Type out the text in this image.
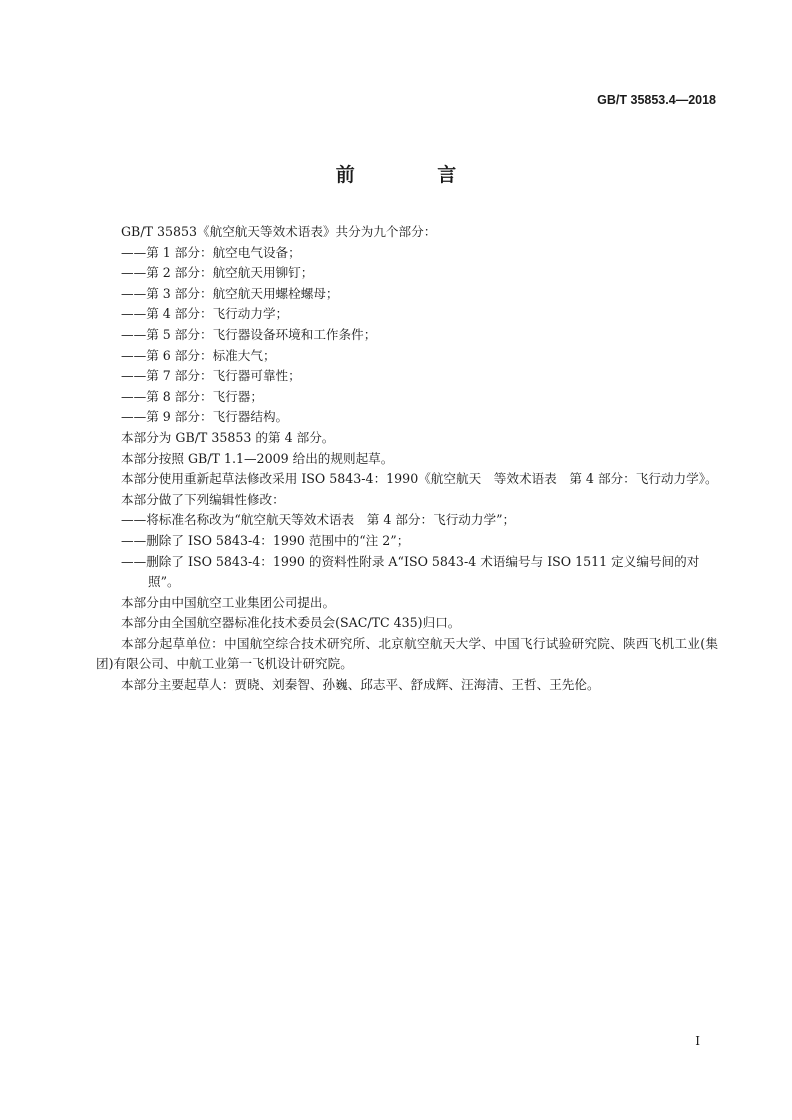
GB/T 35853.4—2018
前 言

GB/T 35853《航空航天等效术语表》共分为九个部分：

——第 1 部分：航空电气设备；

——第 2 部分：航空航天用铆钉；

——第 3 部分：航空航天用螺栓螺母；

——第 4 部分：飞行动力学；

——第 5 部分：飞行器设备环境和工作条件；

——第 6 部分：标准大气；

——第 7 部分：飞行器可靠性；

——第 8 部分：飞行器；

——第 9 部分：飞行器结构。

本部分为 GB/T 35853 的第 4 部分。

本部分按照 GB/T 1.1—2009 给出的规则起草。

本部分使用重新起草法修改采用 ISO 5843-4：1990《航空航天　等效术语表　第 4 部分：飞行动力学》。

本部分做了下列编辑性修改：

——将标准名称改为“航空航天等效术语表　第 4 部分：飞行动力学”；

——删除了 ISO 5843-4：1990 范围中的“注 2”；

——删除了 ISO 5843-4：1990 的资料性附录 A“ISO 5843-4 术语编号与 ISO 1511 定义编号间的对照”。

本部分由中国航空工业集团公司提出。

本部分由全国航空器标准化技术委员会(SAC/TC 435)归口。

本部分起草单位：中国航空综合技术研究所、北京航空航天大学、中国飞行试验研究院、陕西飞机工业(集团)有限公司、中航工业第一飞机设计研究院。

本部分主要起草人：贾晓、刘秦智、孙巍、邱志平、舒成辉、汪海清、王哲、王先伦。

I
